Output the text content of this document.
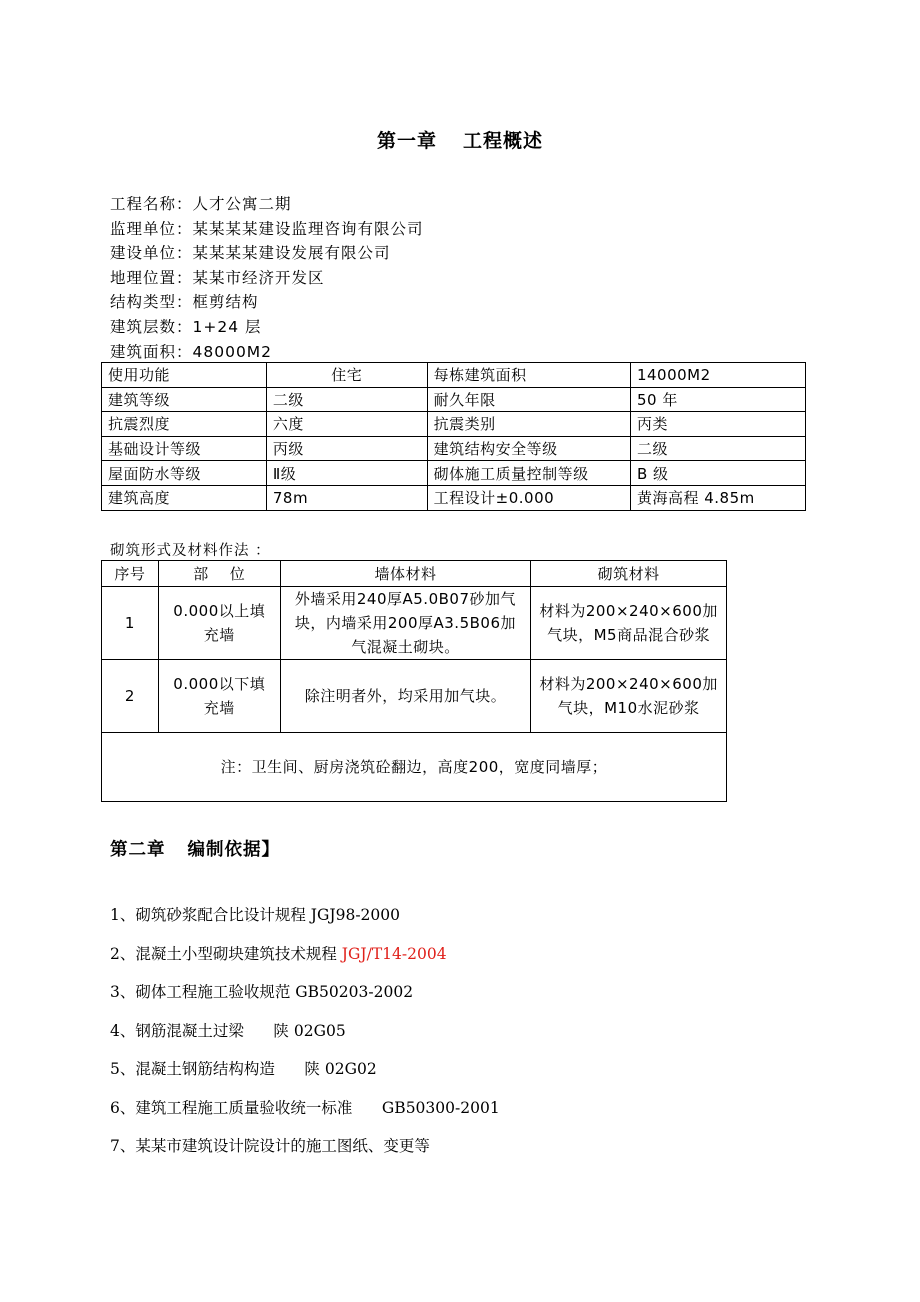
第一章 工程概述
工程名称：人才公寓二期
监理单位：某某某某建设监理咨询有限公司
建设单位：某某某某建设发展有限公司
地理位置：某某市经济开发区
结构类型：框剪结构
建筑层数：1+24 层
建筑面积：48000M2
使用功能	住宅	每栋建筑面积	14000M2
建筑等级	二级	耐久年限	50 年
抗震烈度	六度	抗震类别	丙类
基础设计等级	丙级	建筑结构安全等级	二级
屋面防水等级	Ⅱ级	砌体施工质量控制等级	B 级
建筑高度	78m	工程设计±0.000	黄海高程 4.85m
砌筑形式及材料作法 ：
序号	部    位	墙体材料	砌筑材料
1	0.000以上填充墙	外墙采用240厚A5.0B07砂加气块，内墙采用200厚A3.5B06加气混凝土砌块。	材料为200×240×600加气块，M5商品混合砂浆
2	0.000以下填充墙	除注明者外，均采用加气块。	材料为200×240×600加气块，M10水泥砂浆
注：卫生间、厨房浇筑砼翻边，高度200，宽度同墙厚；			
第二章 编制依据】
1、砌筑砂浆配合比设计规程 JGJ98-2000
2、混凝土小型砌块建筑技术规程 JGJ/T14-2004
3、砌体工程施工验收规范 GB50203-2002
4、钢筋混凝土过梁      陕 02G05
5、混凝土钢筋结构构造      陕 02G02
6、建筑工程施工质量验收统一标准      GB50300-2001
7、某某市建筑设计院设计的施工图纸、变更等
